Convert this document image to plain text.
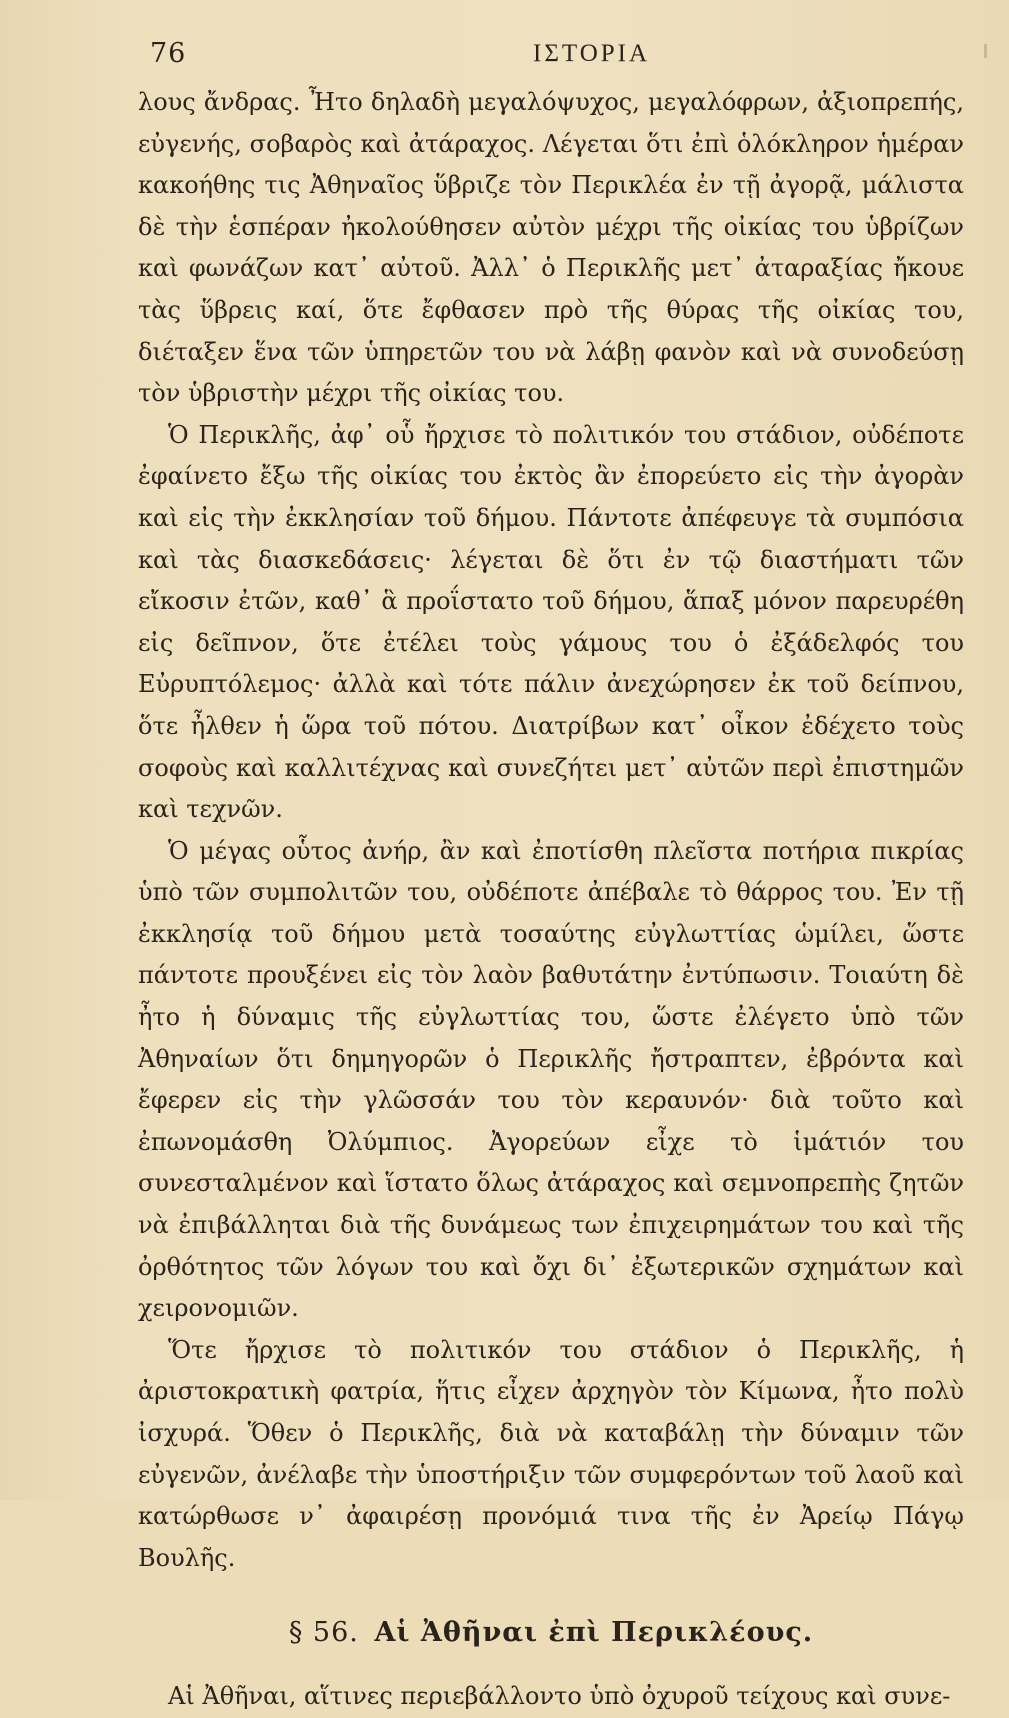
76	ΙΣΤΟΡΙΑ

λους ἄνδρας. Ἦτο δηλαδὴ μεγαλόψυχος, μεγαλόφρων, ἀξιοπρεπής, εὐγενής, σοβαρὸς καὶ ἀτάραχος. Λέγεται ὅτι ἐπὶ ὁλόκληρον ἡμέραν κακοήθης τις Ἀθηναῖος ὕβριζε τὸν Περικλέα ἐν τῇ ἀγορᾷ, μάλιστα δὲ τὴν ἑσπέραν ἠκολούθησεν αὐτὸν μέχρι τῆς οἰκίας του ὑβρίζων καὶ φωνάζων κατ᾽ αὐτοῦ. Ἀλλ᾽ ὁ Περικλῆς μετ᾽ ἀταραξίας ἤκουε τὰς ὕβρεις καί, ὅτε ἔφθασεν πρὸ τῆς θύρας τῆς οἰκίας του, διέταξεν ἕνα τῶν ὑπηρετῶν του νὰ λάβῃ φανὸν καὶ νὰ συνοδεύσῃ τὸν ὑβριστὴν μέχρι τῆς οἰκίας του.

Ὁ Περικλῆς, ἀφ᾽ οὗ ἤρχισε τὸ πολιτικόν του στάδιον, οὐδέποτε ἐφαίνετο ἔξω τῆς οἰκίας του ἐκτὸς ἂν ἐπορεύετο εἰς τὴν ἀγορὰν καὶ εἰς τὴν ἐκκλησίαν τοῦ δήμου. Πάντοτε ἀπέφευγε τὰ συμπόσια καὶ τὰς διασκεδάσεις· λέγεται δὲ ὅτι ἐν τῷ διαστήματι τῶν εἴκοσιν ἐτῶν, καθ᾽ ἃ προΐστατο τοῦ δήμου, ἅπαξ μόνον παρευρέθη εἰς δεῖπνον, ὅτε ἐτέλει τοὺς γάμους του ὁ ἐξάδελφός του Εὐρυπτόλεμος· ἀλλὰ καὶ τότε πάλιν ἀνεχώρησεν ἐκ τοῦ δείπνου, ὅτε ἦλθεν ἡ ὥρα τοῦ πότου. Διατρίβων κατ᾽ οἶκον ἐδέχετο τοὺς σοφοὺς καὶ καλλιτέχνας καὶ συνεζήτει μετ᾽ αὐτῶν περὶ ἐπιστημῶν καὶ τεχνῶν.

Ὁ μέγας οὗτος ἀνήρ, ἂν καὶ ἐποτίσθη πλεῖστα ποτήρια πικρίας ὑπὸ τῶν συμπολιτῶν του, οὐδέποτε ἀπέβαλε τὸ θάρρος του. Ἐν τῇ ἐκκλησίᾳ τοῦ δήμου μετὰ τοσαύτης εὐγλωττίας ὡμίλει, ὥστε πάντοτε προυξένει εἰς τὸν λαὸν βαθυτάτην ἐντύπωσιν. Τοιαύτη δὲ ἦτο ἡ δύναμις τῆς εὐγλωττίας του, ὥστε ἐλέγετο ὑπὸ τῶν Ἀθηναίων ὅτι δημηγορῶν ὁ Περικλῆς ἤστραπτεν, ἐβρόντα καὶ ἔφερεν εἰς τὴν γλῶσσάν του τὸν κεραυνόν· διὰ τοῦτο καὶ ἐπωνομάσθη Ὀλύμπιος. Ἀγορεύων εἶχε τὸ ἱμάτιόν του συνεσταλμένον καὶ ἵστατο ὅλως ἀτάραχος καὶ σεμνοπρεπὴς ζητῶν νὰ ἐπιβάλληται διὰ τῆς δυνάμεως των ἐπιχειρημάτων του καὶ τῆς ὀρθότητος τῶν λόγων του καὶ ὄχι δι᾽ ἐξωτερικῶν σχημάτων καὶ χειρονομιῶν.

Ὅτε ἤρχισε τὸ πολιτικόν του στάδιον ὁ Περικλῆς, ἡ ἀριστοκρατικὴ φατρία, ἥτις εἶχεν ἀρχηγὸν τὸν Κίμωνα, ἦτο πολὺ ἰσχυρά. Ὅθεν ὁ Περικλῆς, διὰ νὰ καταβάλῃ τὴν δύναμιν τῶν εὐγενῶν, ἀνέλαβε τὴν ὑποστήριξιν τῶν συμφερόντων τοῦ λαοῦ καὶ κατώρθωσε ν᾽ ἀφαιρέσῃ προνόμιά τινα τῆς ἐν Ἀρείῳ Πάγῳ Βουλῆς.

§ 56. Αἱ Ἀθῆναι ἐπὶ Περικλέους.

Αἱ Ἀθῆναι, αἵτινες περιεβάλλοντο ὑπὸ ὀχυροῦ τείχους καὶ συνε-
